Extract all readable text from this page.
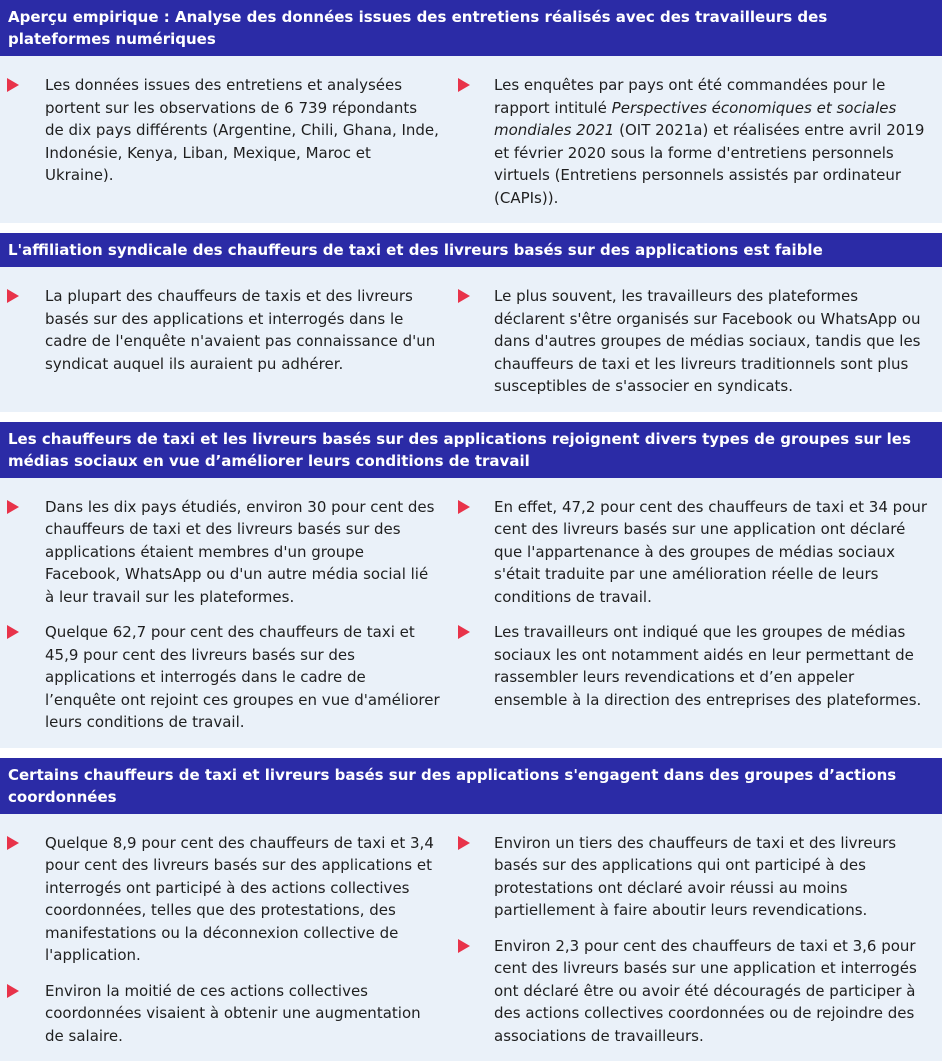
Aperçu empirique : Analyse des données issues des entretiens réalisés avec des travailleurs des plateformes numériques
Les données issues des entretiens et analysées portent sur les observations de 6 739 répondants de dix pays différents (Argentine, Chili, Ghana, Inde, Indonésie, Kenya, Liban, Mexique, Maroc et Ukraine).
Les enquêtes par pays ont été commandées pour le rapport intitulé Perspectives économiques et sociales mondiales 2021 (OIT 2021a) et réalisées entre avril 2019 et février 2020 sous la forme d'entretiens personnels virtuels (Entretiens personnels assistés par ordinateur (CAPIs)).
L'affiliation syndicale des chauffeurs de taxi et des livreurs basés sur des applications est faible
La plupart des chauffeurs de taxis et des livreurs basés sur des applications et interrogés dans le cadre de l'enquête n'avaient pas connaissance d'un syndicat auquel ils auraient pu adhérer.
Le plus souvent, les travailleurs des plateformes déclarent s'être organisés sur Facebook ou WhatsApp ou dans d'autres groupes de médias sociaux, tandis que les chauffeurs de taxi et les livreurs traditionnels sont plus susceptibles de s'associer en syndicats.
Les chauffeurs de taxi et les livreurs basés sur des applications rejoignent divers types de groupes sur les médias sociaux en vue d’améliorer leurs conditions de travail
Dans les dix pays étudiés, environ 30 pour cent des chauffeurs de taxi et des livreurs basés sur des applications étaient membres d'un groupe Facebook, WhatsApp ou d'un autre média social lié à leur travail sur les plateformes.
Quelque 62,7 pour cent des chauffeurs de taxi et 45,9 pour cent des livreurs basés sur des applications et interrogés dans le cadre de l’enquête ont rejoint ces groupes en vue d'améliorer leurs conditions de travail.
En effet, 47,2 pour cent des chauffeurs de taxi et 34 pour cent des livreurs basés sur une application ont déclaré que l'appartenance à des groupes de médias sociaux s'était traduite par une amélioration réelle de leurs conditions de travail.
Les travailleurs ont indiqué que les groupes de médias sociaux les ont notamment aidés en leur permettant de rassembler leurs revendications et d’en appeler ensemble à la direction des entreprises des plateformes.
Certains chauffeurs de taxi et livreurs basés sur des applications s'engagent dans des groupes d’actions coordonnées
Quelque 8,9 pour cent des chauffeurs de taxi et 3,4 pour cent des livreurs basés sur des applications et interrogés ont participé à des actions collectives coordonnées, telles que des protestations, des manifestations ou la déconnexion collective de l'application.
Environ la moitié de ces actions collectives coordonnées visaient à obtenir une augmentation de salaire.
Environ un tiers des chauffeurs de taxi et des livreurs basés sur des applications qui ont participé à des protestations ont déclaré avoir réussi au moins partiellement à faire aboutir leurs revendications.
Environ 2,3 pour cent des chauffeurs de taxi et 3,6 pour cent des livreurs basés sur une application et interrogés ont déclaré être ou avoir été découragés de participer à des actions collectives coordonnées ou de rejoindre des associations de travailleurs.
